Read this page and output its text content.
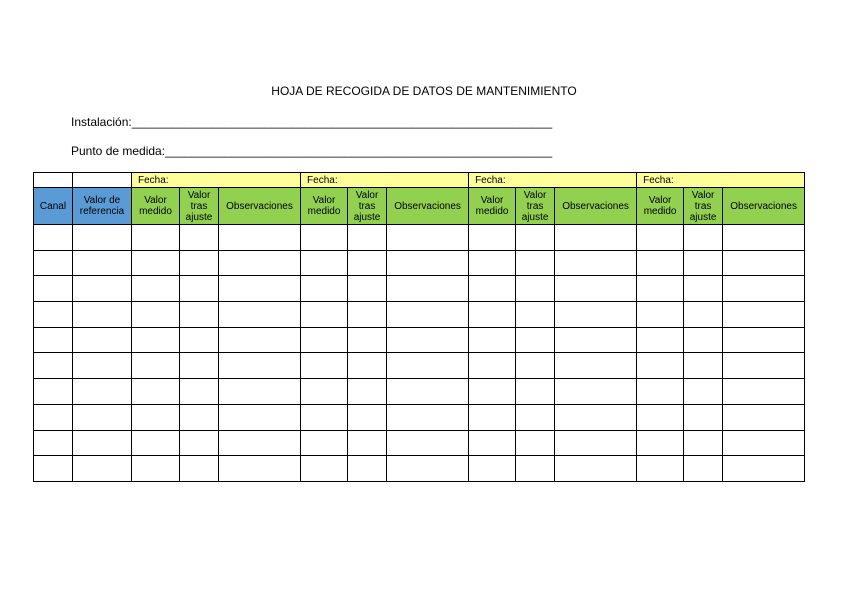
HOJA DE RECOGIDA DE DATOS DE MANTENIMIENTO
Instalación:_______________________________________________________________
Punto de medida:__________________________________________________________
		Fecha:			Fecha:			Fecha:			Fecha:		
Canal	Valor de referencia	Valor medido	Valor tras ajuste	Observaciones	Valor medido	Valor tras ajuste	Observaciones	Valor medido	Valor tras ajuste	Observaciones	Valor medido	Valor tras ajuste	Observaciones
